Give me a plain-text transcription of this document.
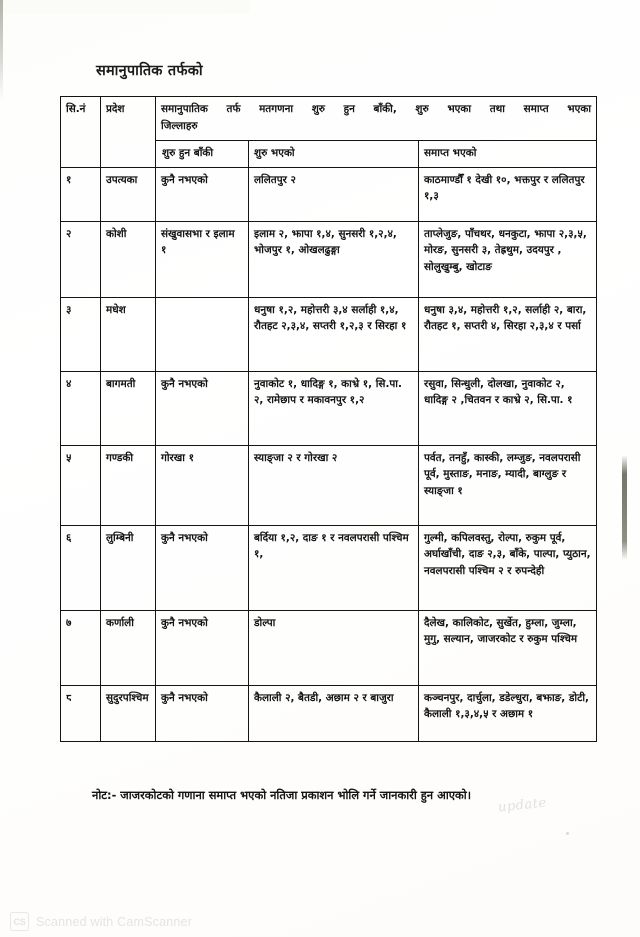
समानुपातिक तर्फको
सि.नं	प्रदेश	समानुपातिक तर्फ मतगणना शुरु हुन बाँकी, शुरु भएका तथा समाप्त भएका
जिल्लाहरु		

		शुरु हुन बाँकी	शुरु भएको	समाप्त भएको
१	उपत्यका	कुनै नभएको	ललितपुर २	काठमाण्डौँ १ देखी १०, भक्तपुर र ललितपुर १,३
२	कोशी	संखुवासभा र इलाम १	इलाम २, झापा १,४, सुनसरी १,२,४, भोजपुर १, ओखलढुङ्गा	ताप्लेजुङ, पाँचथर, धनकुटा, झापा २,३,५, मोरङ, सुनसरी ३, तेह्रथुम, उदयपुर , सोलुखुम्बु, खोटाङ
३	मधेश		धनुषा १,२, महोत्तरी ३,४ सर्लाही १,४, रौतहट २,३,४, सप्तरी १,२,३ र सिरहा १	धनुषा ३,४, महोत्तरी १,२, सर्लाही २, बारा, रौतहट १, सप्तरी ४, सिरहा २,३,४ र पर्सा
४	बागमती	कुनै नभएको	नुवाकोट १, धादिङ्ग १, काभ्रे १, सि.पा. २, रामेछाप र मकावनपुर १,२	रसुवा, सिन्धुली, दोलखा, नुवाकोट २, धादिङ्ग २ ,चितवन र काभ्रे २, सि.पा. १
५	गण्डकी	गोरखा १	स्याङ्जा २ र गोरखा २	पर्वत, तनहुँ, कास्की, लम्जुङ, नवलपरासी पूर्व, मुस्ताङ, मनाङ, म्यादी, बाग्लुङ र स्याङ्जा १
६	लुम्बिनी	कुनै नभएको	बर्दिया १,२, दाङ १ र नवलपरासी पश्चिम १,	गुल्मी, कपिलवस्तु, रोल्पा, रुकुम पूर्व, अर्घाखाँची, दाङ २,३, बाँके, पाल्पा, प्युठान, नवलपरासी पश्चिम २ र रुपन्देही
७	कर्णाली	कुनै नभएको	डोल्पा	दैलेख, कालिकोट, सुर्खेत, हुम्ला, जुम्ला, मुगु, सल्यान, जाजरकोट र रुकुम पश्चिम
८	सुदुरपश्चिम	कुनै नभएको	कैलाली २, बैतडी, अछाम २ र बाजुरा	कञ्चनपुर, दार्चुला, डडेल्धुरा, बझाङ, डोटी, कैलाली १,३,४,५ र अछाम १
नोट:- जाजरकोटको गणाना समाप्त भएको नतिजा प्रकाशन भोलि गर्ने जानकारी हुन आएको।
update
CS Scanned with CamScanner
